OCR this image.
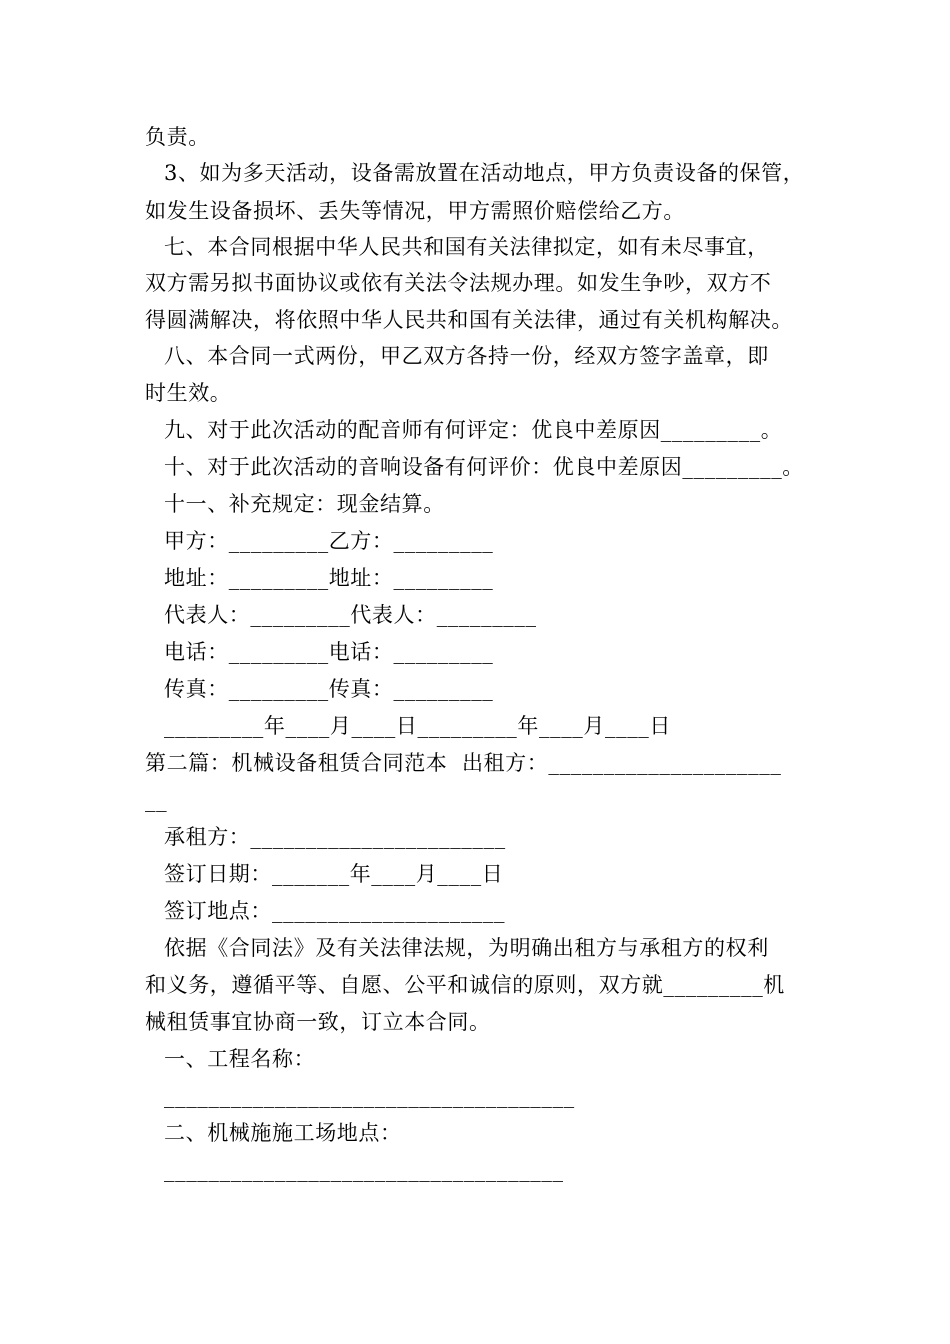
负责。
3、如为多天活动，设备需放置在活动地点，甲方负责设备的保管，
如发生设备损坏、丢失等情况，甲方需照价赔偿给乙方。
七、本合同根据中华人民共和国有关法律拟定，如有未尽事宜，
双方需另拟书面协议或依有关法令法规办理。如发生争吵，双方不
得圆满解决，将依照中华人民共和国有关法律，通过有关机构解决。
八、本合同一式两份，甲乙双方各持一份，经双方签字盖章，即
时生效。
九、对于此次活动的配音师有何评定：优良中差原因_________。
十、对于此次活动的音响设备有何评价：优良中差原因_________。
十一、补充规定：现金结算。
甲方：_________乙方：_________
地址：_________地址：_________
代表人：_________代表人：_________
电话：_________电话：_________
传真：_________传真：_________
_________年____月____日_________年____月____日
第二篇：机械设备租赁合同范本  出租方：_____________________
__
承租方：_______________________
签订日期：_______年____月____日
签订地点：_____________________
依据《合同法》及有关法律法规，为明确出租方与承租方的权利
和义务，遵循平等、自愿、公平和诚信的原则，双方就_________机
械租赁事宜协商一致，订立本合同。
一、工程名称：
_____________________________________
二、机械施施工场地点：
____________________________________
